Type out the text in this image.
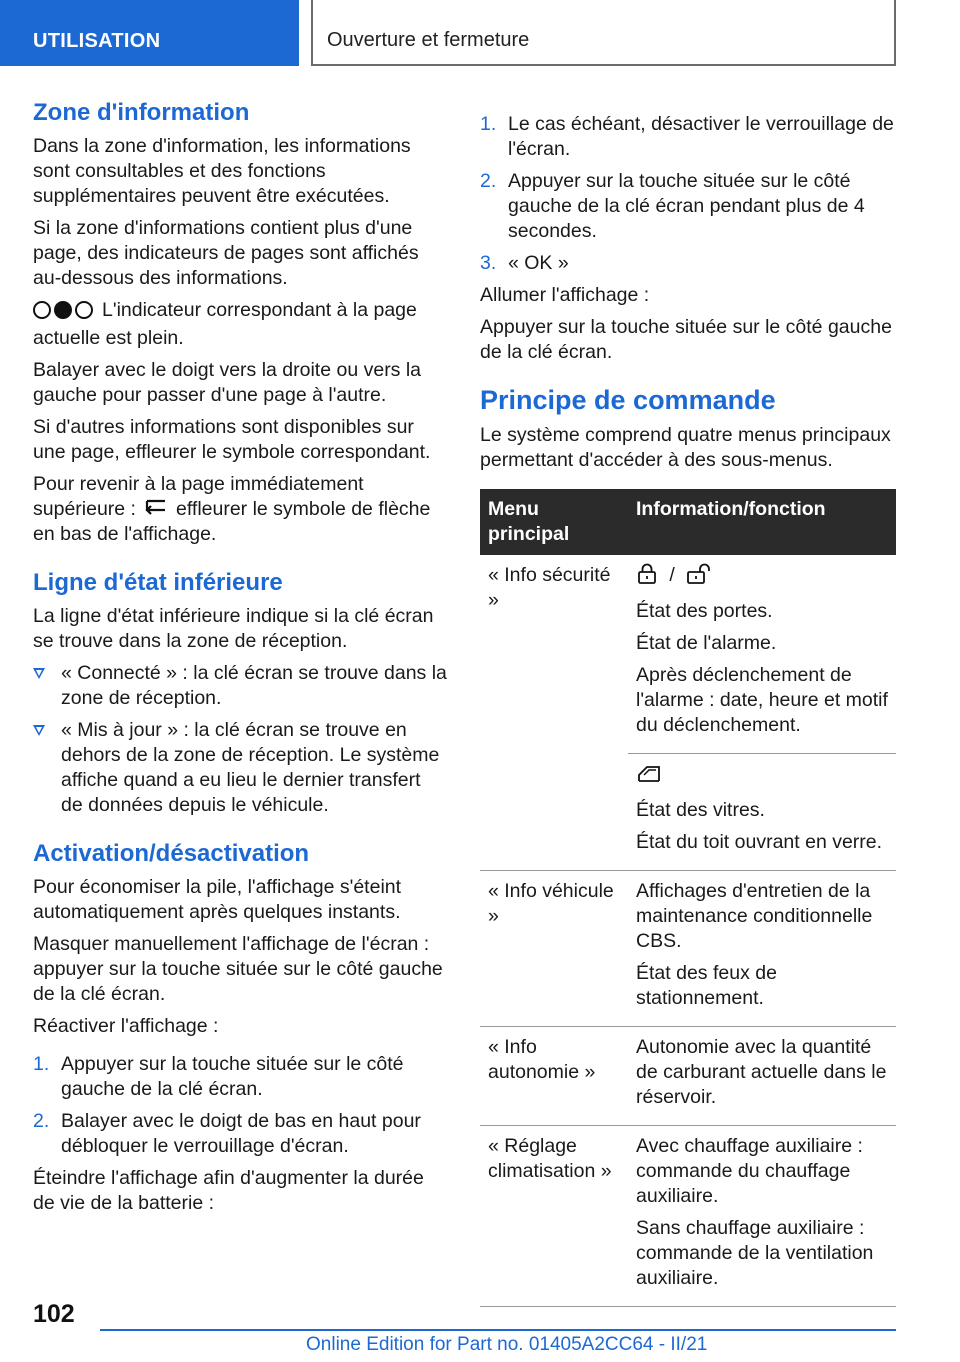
UTILISATION	Ouverture et fermeture
Zone d'information

Dans la zone d'information, les informations sont consultables et des fonctions supplémentaires peuvent être exécutées.

Si la zone d'informations contient plus d'une page, des indicateurs de pages sont affichés au-dessous des informations.

L'indicateur correspondant à la page actuelle est plein.

Balayer avec le doigt vers la droite ou vers la gauche pour passer d'une page à l'autre.

Si d'autres informations sont disponibles sur une page, effleurer le symbole correspondant.

Pour revenir à la page immédiatement supérieure : effleurer le symbole de flèche en bas de l'affichage.

Ligne d'état inférieure

La ligne d'état inférieure indique si la clé écran se trouve dans la zone de réception.

« Connecté » : la clé écran se trouve dans la zone de réception.
« Mis à jour » : la clé écran se trouve en dehors de la zone de réception. Le système affiche quand a eu lieu le dernier transfert de données depuis le véhicule.
Activation/désactivation

Pour économiser la pile, l'affichage s'éteint automatiquement après quelques instants.

Masquer manuellement l'affichage de l'écran : appuyer sur la touche située sur le côté gauche de la clé écran.

Réactiver l'affichage :

1. Appuyer sur la touche située sur le côté gauche de la clé écran.
2. Balayer avec le doigt de bas en haut pour débloquer le verrouillage d'écran.

Éteindre l'affichage afin d'augmenter la durée de vie de la batterie :

1. Le cas échéant, désactiver le verrouillage de l'écran.
2. Appuyer sur la touche située sur le côté gauche de la clé écran pendant plus de 4 secondes.
3. « OK »

Allumer l'affichage :

Appuyer sur la touche située sur le côté gauche de la clé écran.

Principe de commande

Le système comprend quatre menus principaux permettant d'accéder à des sous-menus.

Menu principal	Information/fonction
« Info sécurité »	/

État des portes.

État de l'alarme.

Après déclenchement de l'alarme : date, heure et motif du déclenchement.

	État des vitres.

État du toit ouvrant en verre.

« Info véhicule »	Affichages d'entretien de la maintenance conditionnelle CBS.

État des feux de stationnement.

« Info autonomie »	Autonomie avec la quantité de carburant actuelle dans le réservoir.

« Réglage climatisation »	Avec chauffage auxiliaire : commande du chauffage auxiliaire.

Sans chauffage auxiliaire : commande de la ventilation auxiliaire.

102
Online Edition for Part no. 01405A2CC64 - II/21
